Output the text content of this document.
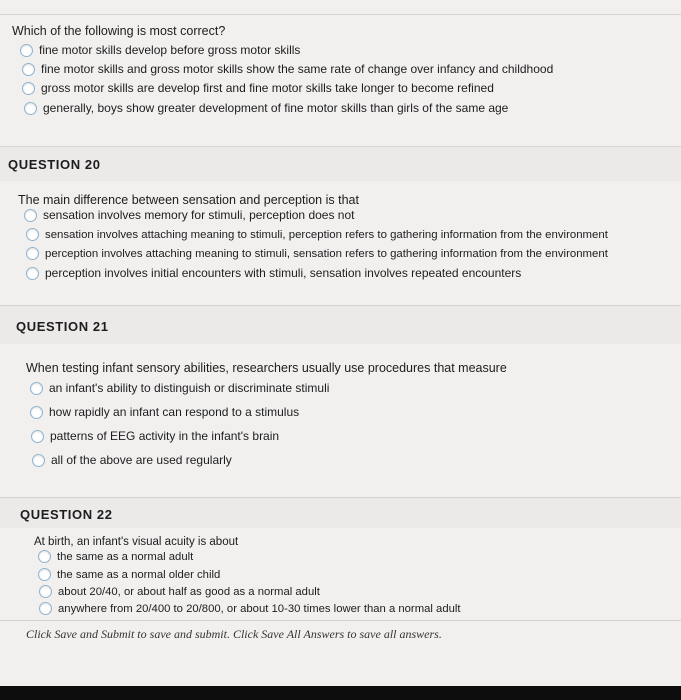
Which of the following is most correct?
fine motor skills develop before gross motor skills
fine motor skills and gross motor skills show the same rate of change over infancy and childhood
gross motor skills are develop first and fine motor skills take longer to become refined
generally, boys show greater development of fine motor skills than girls of the same age
QUESTION 20
The main difference between sensation and perception is that
sensation involves memory for stimuli, perception does not
sensation involves attaching meaning to stimuli, perception refers to gathering information from the environment
perception involves attaching meaning to stimuli, sensation refers to gathering information from the environment
perception involves initial encounters with stimuli, sensation involves repeated encounters
QUESTION 21
When testing infant sensory abilities, researchers usually use procedures that measure
an infant's ability to distinguish or discriminate stimuli
how rapidly an infant can respond to a stimulus
patterns of EEG activity in the infant's brain
all of the above are used regularly
QUESTION 22
At birth, an infant's visual acuity is about
the same as a normal adult
the same as a normal older child
about 20/40, or about half as good as a normal adult
anywhere from 20/400 to 20/800, or about 10-30 times lower than a normal adult
Click Save and Submit to save and submit. Click Save All Answers to save all answers.
